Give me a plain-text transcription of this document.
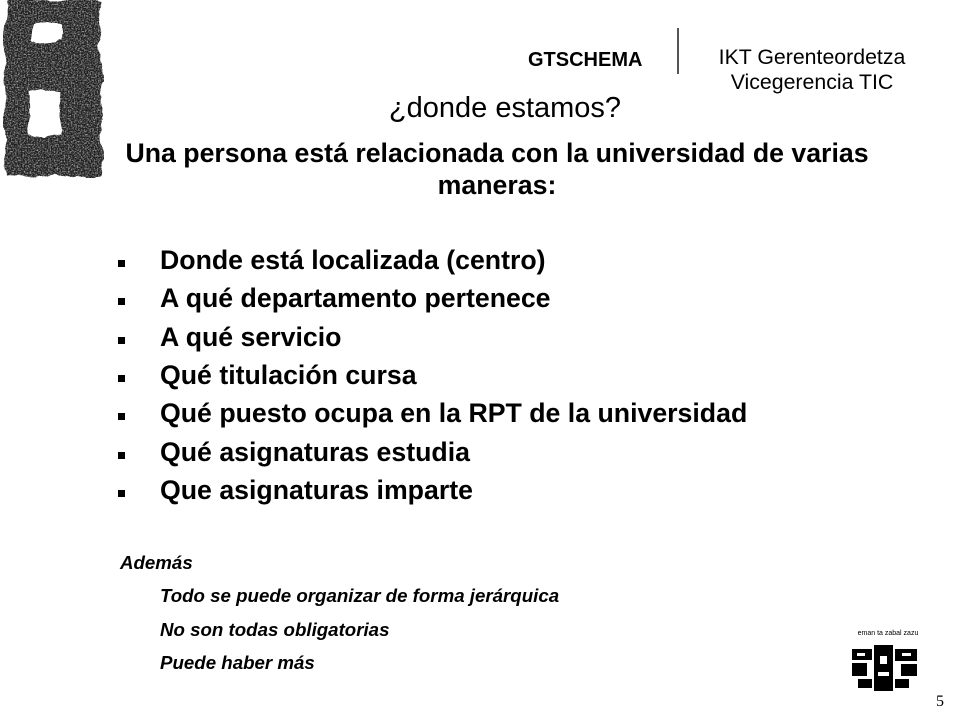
GTSCHEMA	IKT Gerenteordetza
Vicegerencia TIC
¿donde estamos?
Una persona está relacionada con la universidad de varias maneras:
Donde está localizada (centro)
A qué departamento pertenece
A qué servicio
Qué titulación cursa
Qué puesto ocupa en la RPT de la universidad
Qué asignaturas estudia
Que asignaturas imparte
Además
Todo se puede organizar de forma jerárquica
No son todas obligatorias
Puede haber más
eman ta zabal zazu
5
